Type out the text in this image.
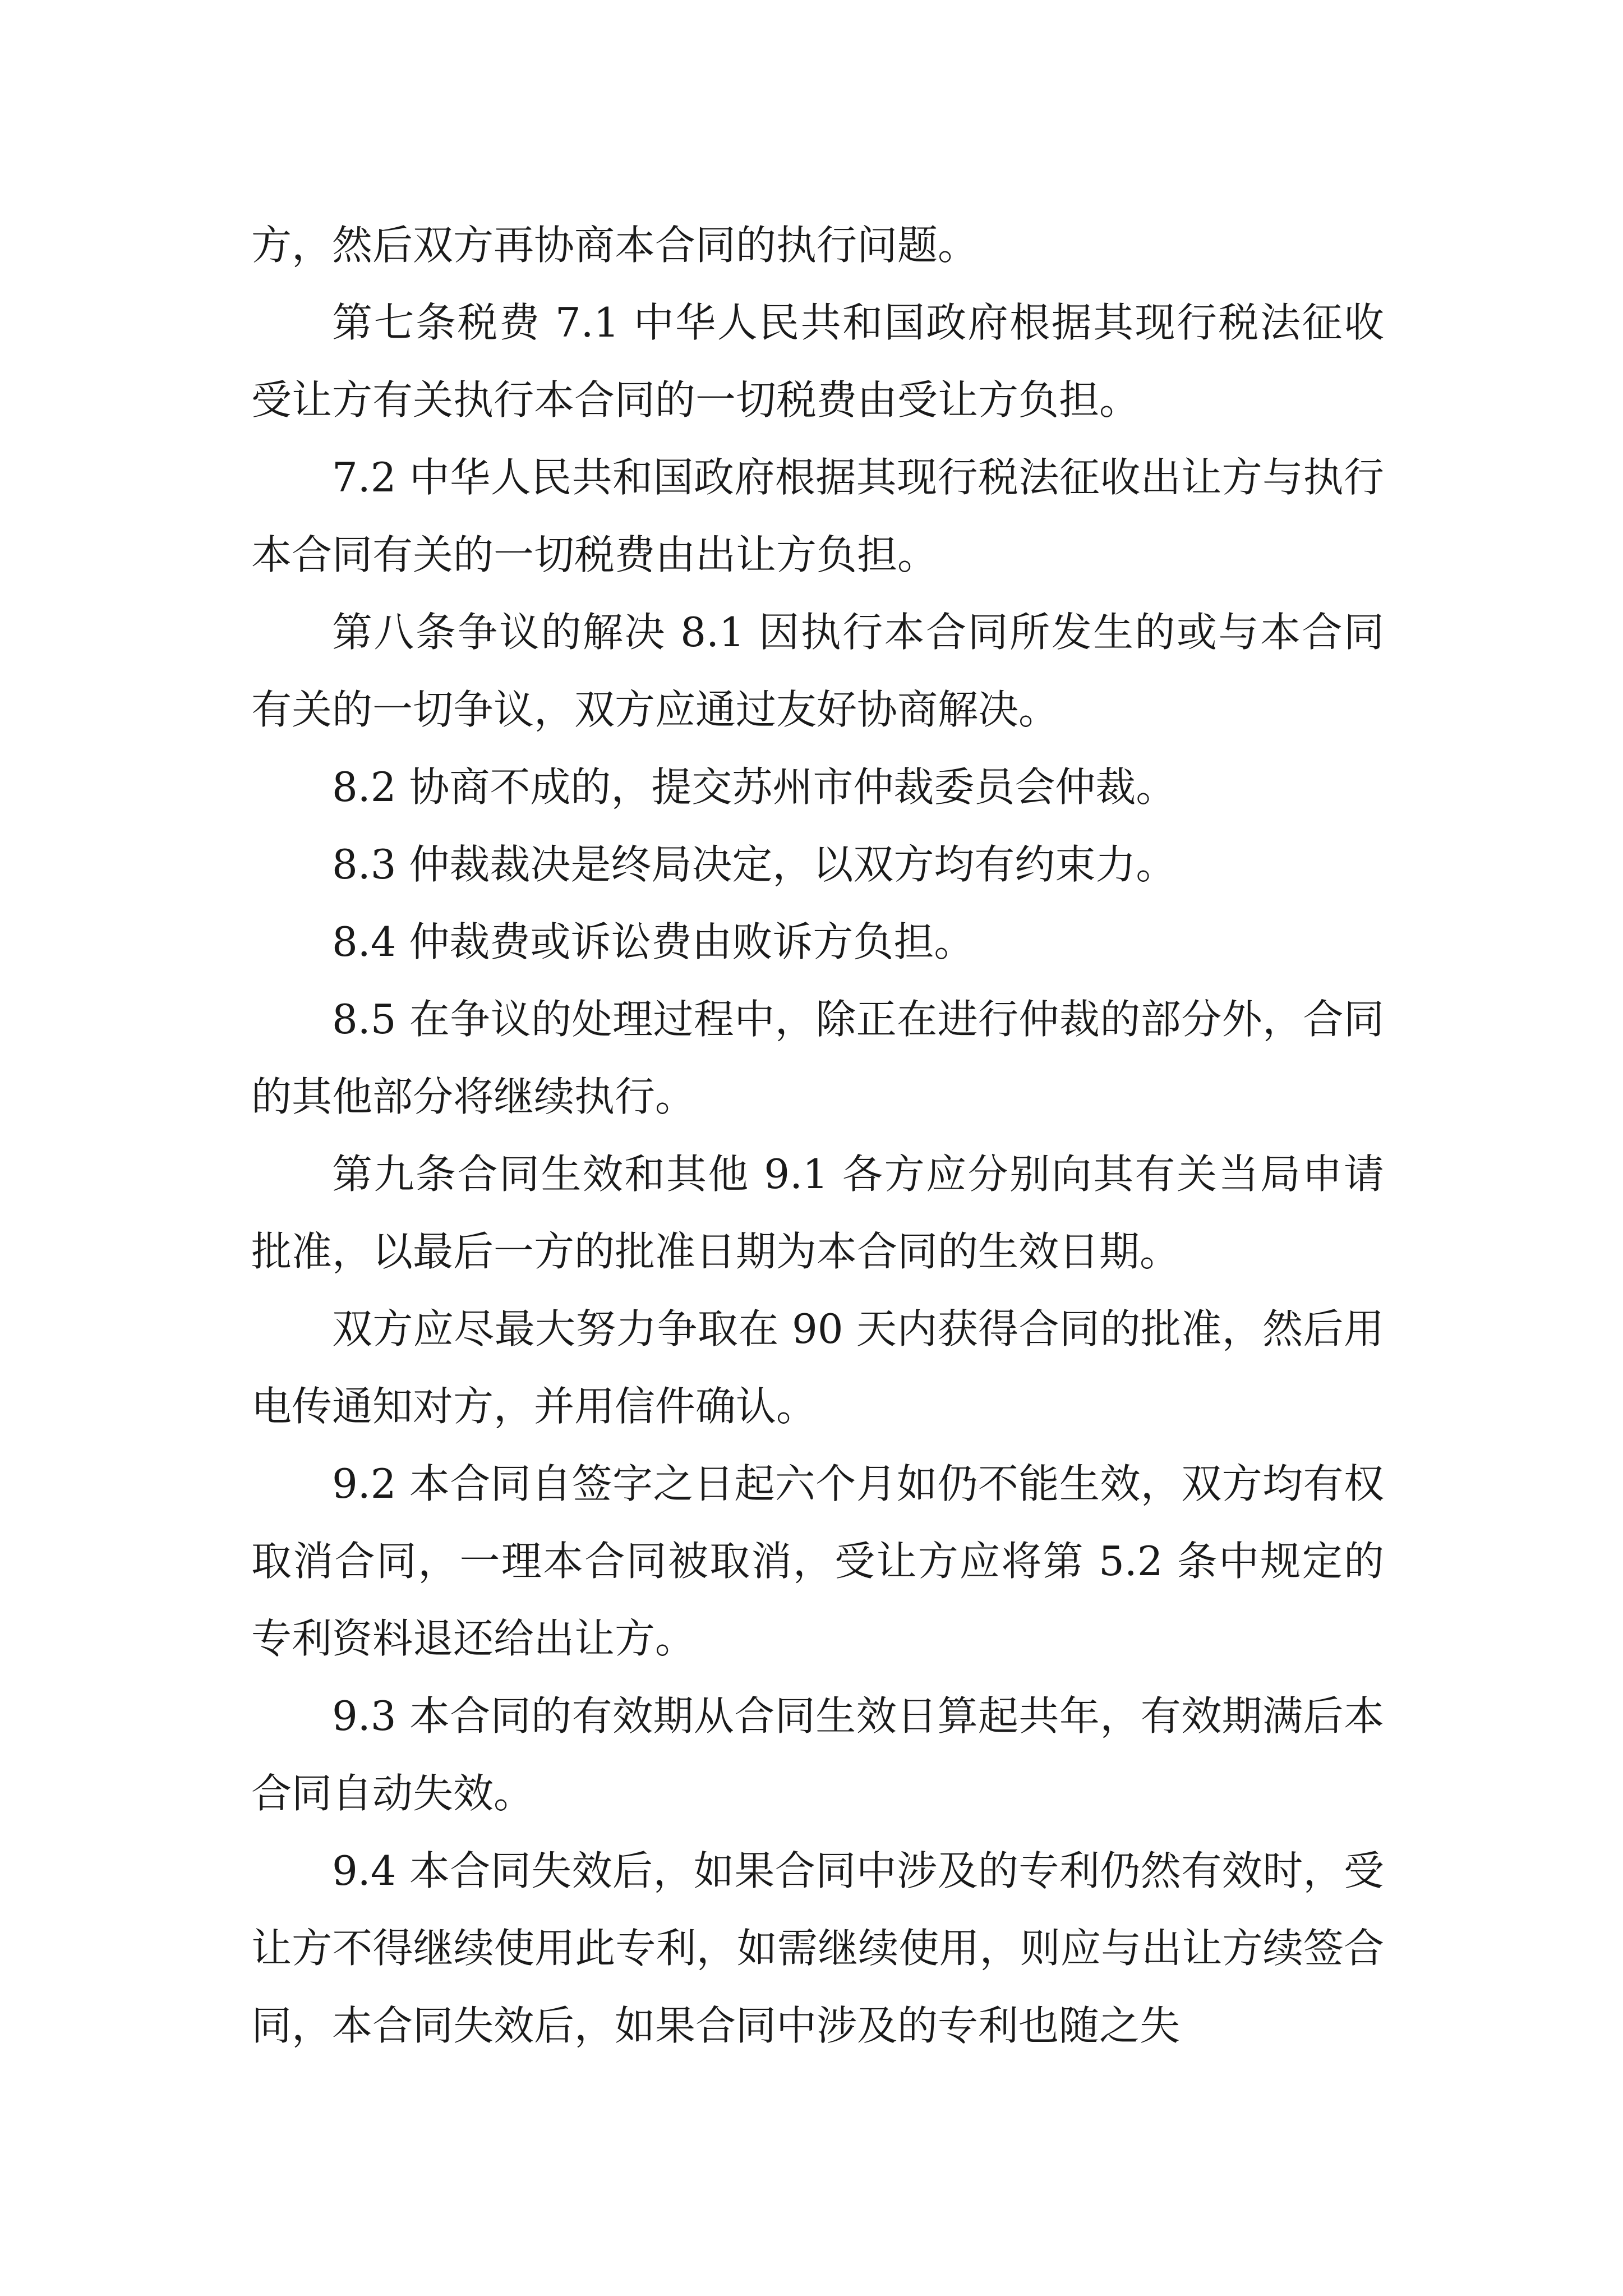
方，然后双方再协商本合同的执行问题。

第七条税费 7.1 中华人民共和国政府根据其现行税法征收受让方有关执行本合同的一切税费由受让方负担。

7.2 中华人民共和国政府根据其现行税法征收出让方与执行本合同有关的一切税费由出让方负担。

第八条争议的解决 8.1 因执行本合同所发生的或与本合同有关的一切争议，双方应通过友好协商解决。

8.2 协商不成的，提交苏州市仲裁委员会仲裁。

8.3 仲裁裁决是终局决定，以双方均有约束力。

8.4 仲裁费或诉讼费由败诉方负担。

8.5 在争议的处理过程中，除正在进行仲裁的部分外，合同的其他部分将继续执行。

第九条合同生效和其他 9.1 各方应分别向其有关当局申请批准，以最后一方的批准日期为本合同的生效日期。

双方应尽最大努力争取在 90 天内获得合同的批准，然后用电传通知对方，并用信件确认。

9.2 本合同自签字之日起六个月如仍不能生效，双方均有权取消合同，一理本合同被取消，受让方应将第 5.2 条中规定的专利资料退还给出让方。

9.3 本合同的有效期从合同生效日算起共年，有效期满后本合同自动失效。

9.4 本合同失效后，如果合同中涉及的专利仍然有效时，受让方不得继续使用此专利，如需继续使用，则应与出让方续签合同，本合同失效后，如果合同中涉及的专利也随之失
